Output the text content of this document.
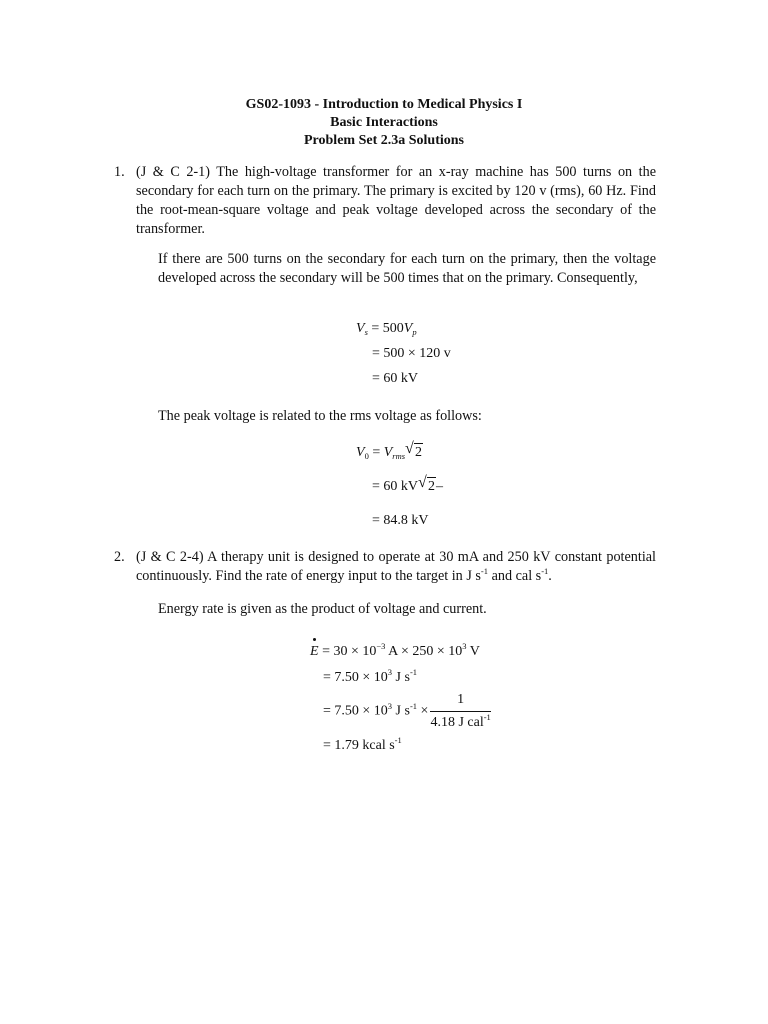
GS02-1093 - Introduction to Medical Physics I
Basic Interactions
Problem Set 2.3a Solutions
1. (J & C 2-1) The high-voltage transformer for an x-ray machine has 500 turns on the secondary for each turn on the primary. The primary is excited by 120 v (rms), 60 Hz. Find the root-mean-square voltage and peak voltage developed across the secondary of the transformer.
If there are 500 turns on the secondary for each turn on the primary, then the voltage developed across the secondary will be 500 times that on the primary. Consequently,
$V_s = 500V_p$
= 500 × 120 v
= 60 kV
The peak voltage is related to the rms voltage as follows:
$V_0 = V_{rms}$ √ 2
= 60 kV √ 2–
= 84.8 kV
2. (J & C 2-4) A therapy unit is designed to operate at 30 mA and 250 kV constant potential continuously. Find the rate of energy input to the target in J $s^{-1}$ and cal $s^{-1}$.
Energy rate is given as the product of voltage and current.
$E = 30 \times 10^{-3}$ $A \times 250 \times 10^3$ V
= $7.50 \times 10^3$ J $s^{-1}$
= $7.50 \times 10^3$ J $s^{-1} \times \frac{1}{4.18 J cal^{-1}}$
= 1.79 kcal $s^{-1}$
